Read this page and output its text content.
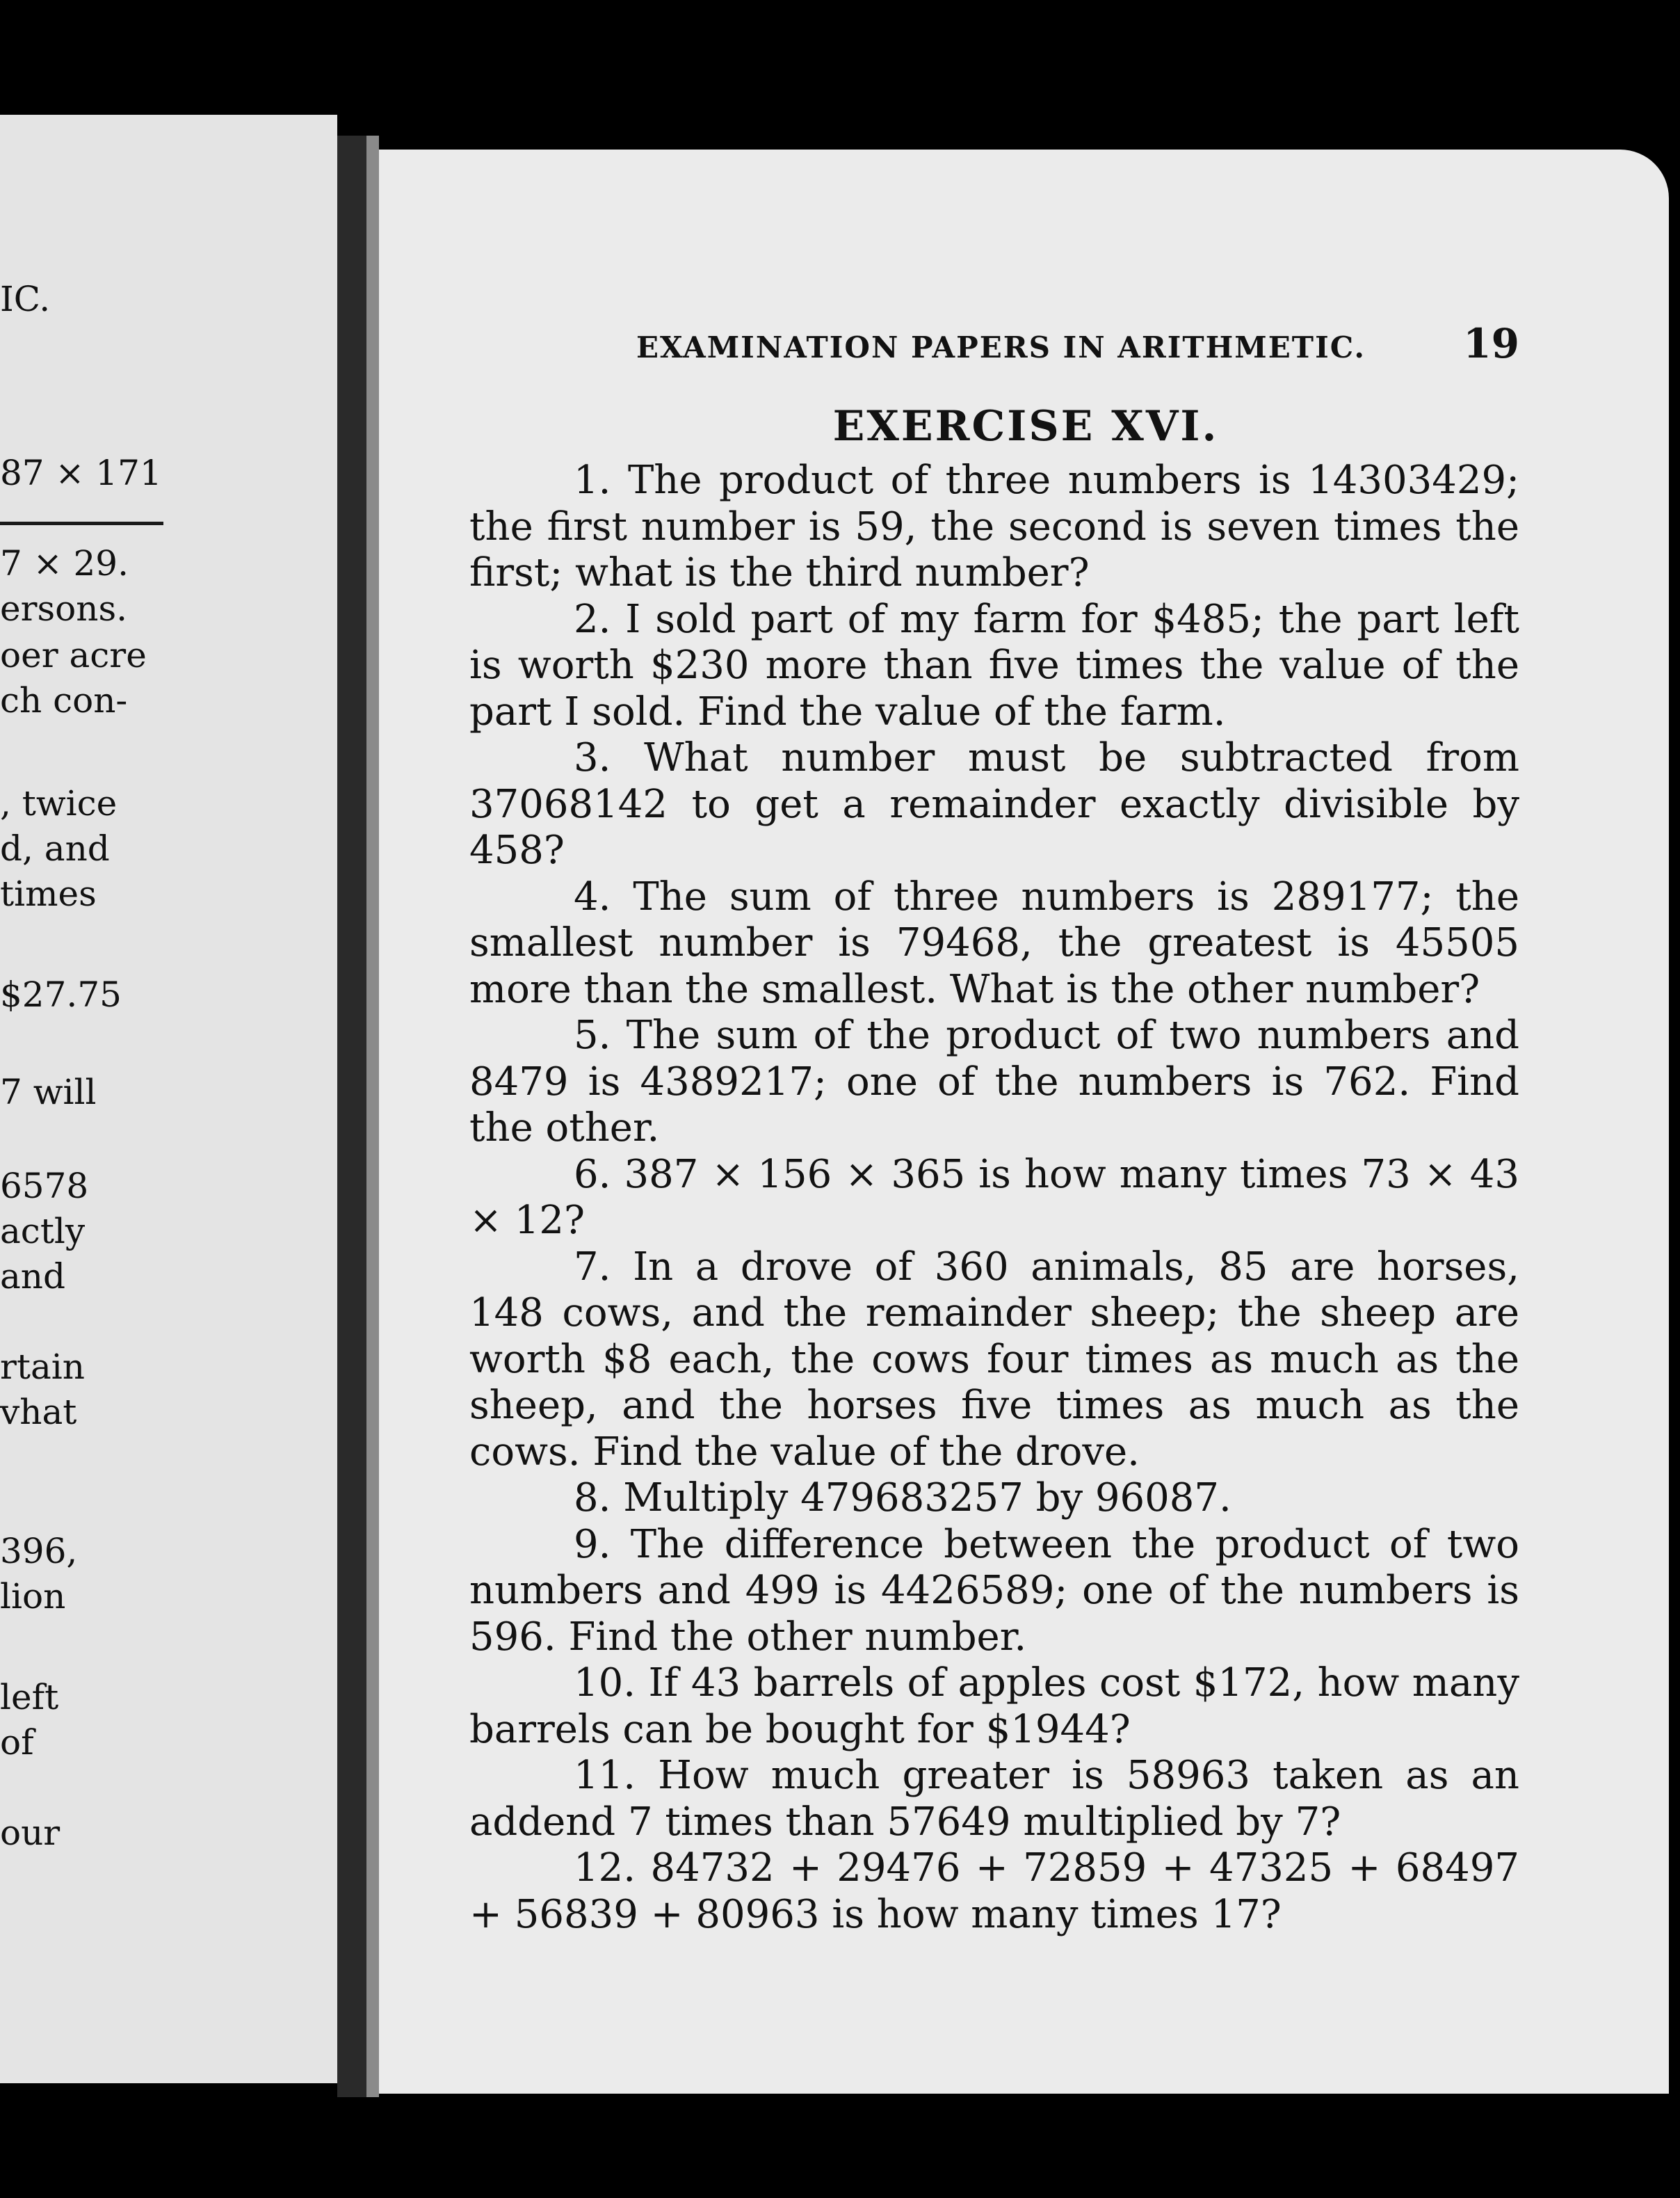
IC.
87 × 171
7 × 29.
ersons.
oer acre
ch con-
, twice
d, and
times
$27.75
7 will
6578
actly
and
rtain
vhat
396,
lion
left
of
our
EXAMINATION PAPERS IN ARITHMETIC. 19
EXERCISE XVI.

1. The product of three numbers is 14303429; the first number is 59, the second is seven times the first; what is the third number?

2. I sold part of my farm for $485; the part left is worth $230 more than five times the value of the part I sold. Find the value of the farm.

3. What number must be subtracted from 37068142 to get a remainder exactly divisible by 458?

4. The sum of three numbers is 289177; the smallest number is 79468, the greatest is 45505 more than the smallest. What is the other number?

5. The sum of the product of two numbers and 8479 is 4389217; one of the numbers is 762. Find the other.

6. 387 × 156 × 365 is how many times 73 × 43 × 12?

7. In a drove of 360 animals, 85 are horses, 148 cows, and the remainder sheep; the sheep are worth $8 each, the cows four times as much as the sheep, and the horses five times as much as the cows. Find the value of the drove.

8. Multiply 479683257 by 96087.

9. The difference between the product of two numbers and 499 is 4426589; one of the numbers is 596. Find the other number.

10. If 43 barrels of apples cost $172, how many barrels can be bought for $1944?

11. How much greater is 58963 taken as an addend 7 times than 57649 multiplied by 7?

12. 84732 + 29476 + 72859 + 47325 + 68497 + 56839 + 80963 is how many times 17?
